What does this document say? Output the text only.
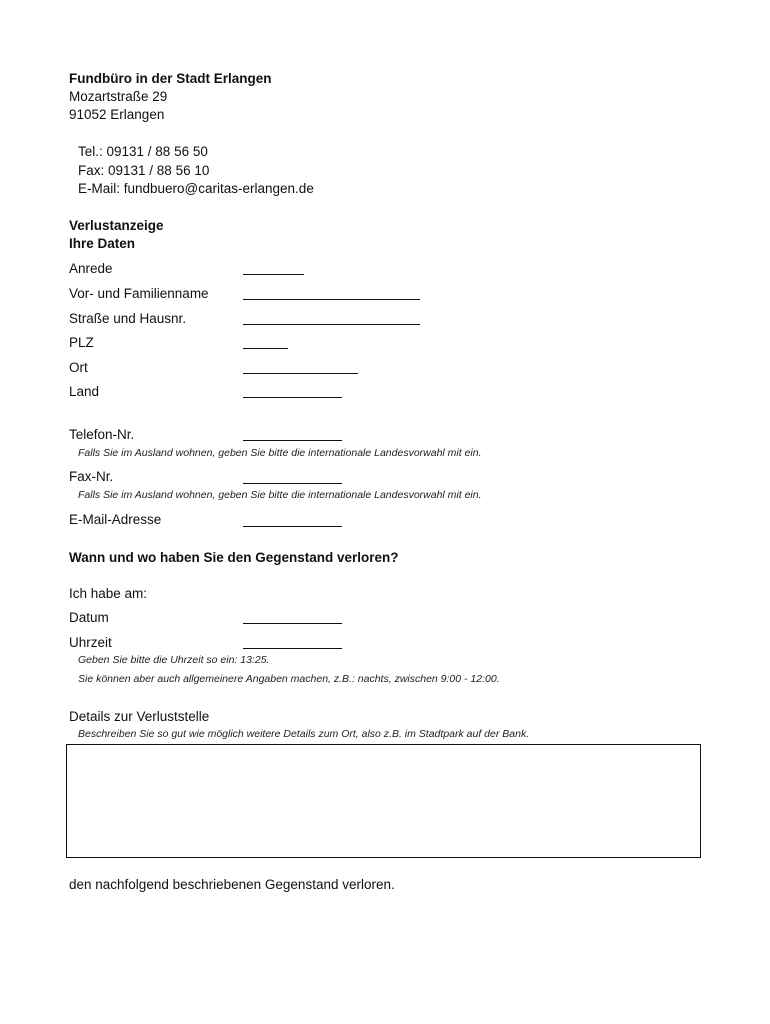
Fundbüro in der Stadt Erlangen
Mozartstraße 29
91052 Erlangen
Tel.: 09131 / 88 56 50
Fax: 09131 / 88 56 10
E-Mail: fundbuero@caritas-erlangen.de
Verlustanzeige
Ihre Daten
Anrede
Vor- und Familienname
Straße und Hausnr.
PLZ
Ort
Land
Telefon-Nr.
Falls Sie im Ausland wohnen, geben Sie bitte die internationale Landesvorwahl mit ein.
Fax-Nr.
Falls Sie im Ausland wohnen, geben Sie bitte die internationale Landesvorwahl mit ein.
E-Mail-Adresse
Wann und wo haben Sie den Gegenstand verloren?
Ich habe am:
Datum
Uhrzeit
Geben Sie bitte die Uhrzeit so ein: 13:25.
Sie können aber auch allgemeinere Angaben machen, z.B.: nachts, zwischen 9:00 - 12:00.
Details zur Verluststelle
Beschreiben Sie so gut wie möglich weitere Details zum Ort, also z.B. im Stadtpark auf der Bank.
den nachfolgend beschriebenen Gegenstand verloren.
